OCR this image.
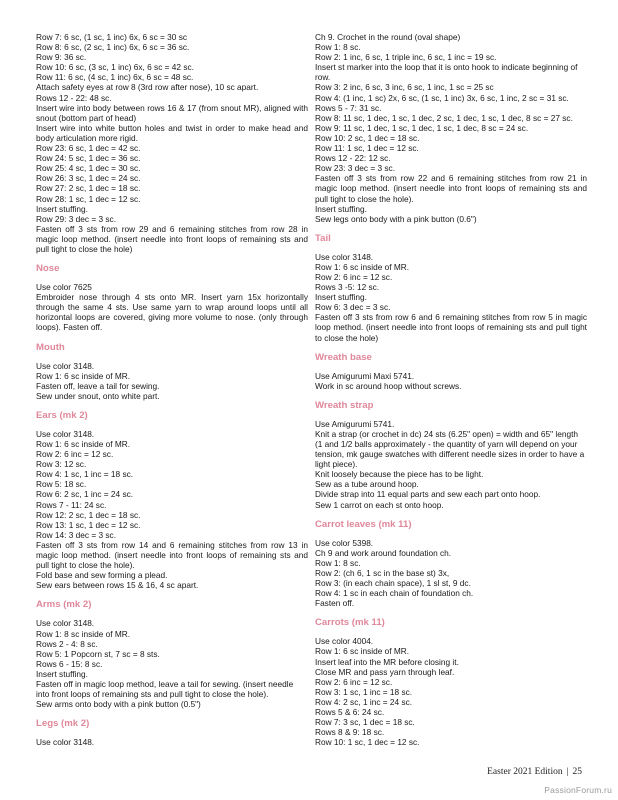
Row 7: 6 sc, (1 sc, 1 inc) 6x, 6 sc = 30 sc
Row 8: 6 sc, (2 sc, 1 inc) 6x, 6 sc = 36 sc.
Row 9: 36 sc.
Row 10: 6 sc, (3 sc, 1 inc) 6x, 6 sc = 42 sc.
Row 11: 6 sc, (4 sc, 1 inc) 6x, 6 sc = 48 sc.
Attach safety eyes at row 8 (3rd row after nose), 10 sc apart.
Rows 12 - 22: 48 sc.
Insert wire into body between rows 16 & 17 (from snout MR), aligned with snout (bottom part of head)
Insert wire into white button holes and twist in order to make head and body articulation more rigid.
Row 23: 6 sc, 1 dec = 42 sc.
Row 24: 5 sc, 1 dec = 36 sc.
Row 25: 4 sc, 1 dec = 30 sc.
Row 26: 3 sc, 1 dec = 24 sc.
Row 27: 2 sc, 1 dec = 18 sc.
Row 28: 1 sc, 1 dec = 12 sc.
Insert stuffing.
Row 29: 3 dec = 3 sc.
Fasten off 3 sts from row 29 and 6 remaining stitches from row 28 in magic loop method. (insert needle into front loops of remaining sts and pull tight to close the hole)
Nose
Use color 7625
Embroider nose through 4 sts onto MR. Insert yarn 15x horizontally through the same 4 sts. Use same yarn to wrap around loops until all horizontal loops are covered, giving more volume to nose. (only through loops). Fasten off.
Mouth
Use color 3148.
Row 1: 6 sc inside of MR.
Fasten off, leave a tail for sewing.
Sew under snout, onto white part.
Ears (mk 2)
Use color 3148.
Row 1: 6 sc inside of MR.
Row 2: 6 inc = 12 sc.
Row 3: 12 sc.
Row 4: 1 sc, 1 inc = 18 sc.
Row 5: 18 sc.
Row 6: 2 sc, 1 inc = 24 sc.
Rows 7 - 11: 24 sc.
Row 12: 2 sc, 1 dec = 18 sc.
Row 13: 1 sc, 1 dec = 12 sc.
Row 14: 3 dec = 3 sc.
Fasten off 3 sts from row 14 and 6 remaining stitches from row 13 in magic loop method. (insert needle into front loops of remaining sts and pull tight to close the hole).
Fold base and sew forming a plead.
Sew ears between rows 15 & 16, 4 sc apart.
Arms (mk 2)
Use color 3148.
Row 1: 8 sc inside of MR.
Rows 2 - 4: 8 sc.
Row 5: 1 Popcorn st, 7 sc = 8 sts.
Rows 6 - 15: 8 sc.
Insert stuffing.
Fasten off in magic loop method, leave a tail for sewing. (insert needle into front loops of remaining sts and pull tight to close the hole).
Sew arms onto body with a pink button (0.5")
Legs (mk 2)
Use color 3148.
Ch 9. Crochet in the round (oval shape)
Row 1: 8 sc.
Row 2: 1 inc, 6 sc, 1 triple inc, 6 sc, 1 inc = 19 sc.
Insert st marker into the loop that it is onto hook to indicate beginning of row.
Row 3: 2 inc, 6 sc, 3 inc, 6 sc, 1 inc, 1 sc = 25 sc
Row 4: (1 inc, 1 sc) 2x, 6 sc, (1 sc, 1 inc) 3x, 6 sc, 1 inc, 2 sc = 31 sc.
Rows 5 - 7: 31 sc.
Row 8: 11 sc, 1 dec, 1 sc, 1 dec, 2 sc, 1 dec, 1 sc, 1 dec, 8 sc = 27 sc.
Row 9: 11 sc, 1 dec, 1 sc, 1 dec, 1 sc, 1 dec, 8 sc = 24 sc.
Row 10: 2 sc, 1 dec = 18 sc.
Row 11: 1 sc, 1 dec = 12 sc.
Rows 12 - 22: 12 sc.
Row 23: 3 dec = 3 sc.
Fasten off 3 sts from row 22 and 6 remaining stitches from row 21 in magic loop method. (insert needle into front loops of remaining sts and pull tight to close the hole).
Insert stuffing.
Sew legs onto body with a pink button (0.6")
Tail
Use color 3148.
Row 1: 6 sc inside of MR.
Row 2: 6 inc = 12 sc.
Rows 3 -5: 12 sc.
Insert stuffing.
Row 6: 3 dec = 3 sc.
Fasten off 3 sts from row 6 and 6 remaining stitches from row 5 in magic loop method. (insert needle into front loops of remaining sts and pull tight to close the hole)
Wreath base
Use Amigurumi Maxi 5741.
Work in sc around hoop without screws.
Wreath strap
Use Amigurumi 5741.
Knit a strap (or crochet in dc) 24 sts (6.25" open) = width and 65" length (1 and 1/2 balls approximately - the quantity of yarn will depend on your tension, mk gauge swatches with different needle sizes in order to have a light piece).
Knit loosely because the piece has to be light.
Sew as a tube around hoop.
Divide strap into 11 equal parts and sew each part onto hoop.
Sew 1 carrot on each st onto hoop.
Carrot leaves (mk 11)
Use color 5398.
Ch 9 and work around foundation ch.
Row 1: 8 sc.
Row 2: (ch 6, 1 sc in the base st) 3x,
Row 3: (in each chain space), 1 sl st, 9 dc.
Row 4: 1 sc in each chain of foundation ch.
Fasten off.
Carrots (mk 11)
Use color 4004.
Row 1: 6 sc inside of MR.
Insert leaf into the MR before closing it.
Close MR and pass yarn through leaf.
Row 2: 6 inc = 12 sc.
Row 3: 1 sc, 1 inc = 18 sc.
Row 4: 2 sc, 1 inc = 24 sc.
Rows 5 & 6: 24 sc.
Row 7: 3 sc, 1 dec = 18 sc.
Rows 8 & 9: 18 sc.
Row 10: 1 sc, 1 dec = 12 sc.
Easter 2021 Edition | 25
PassionForum.ru
